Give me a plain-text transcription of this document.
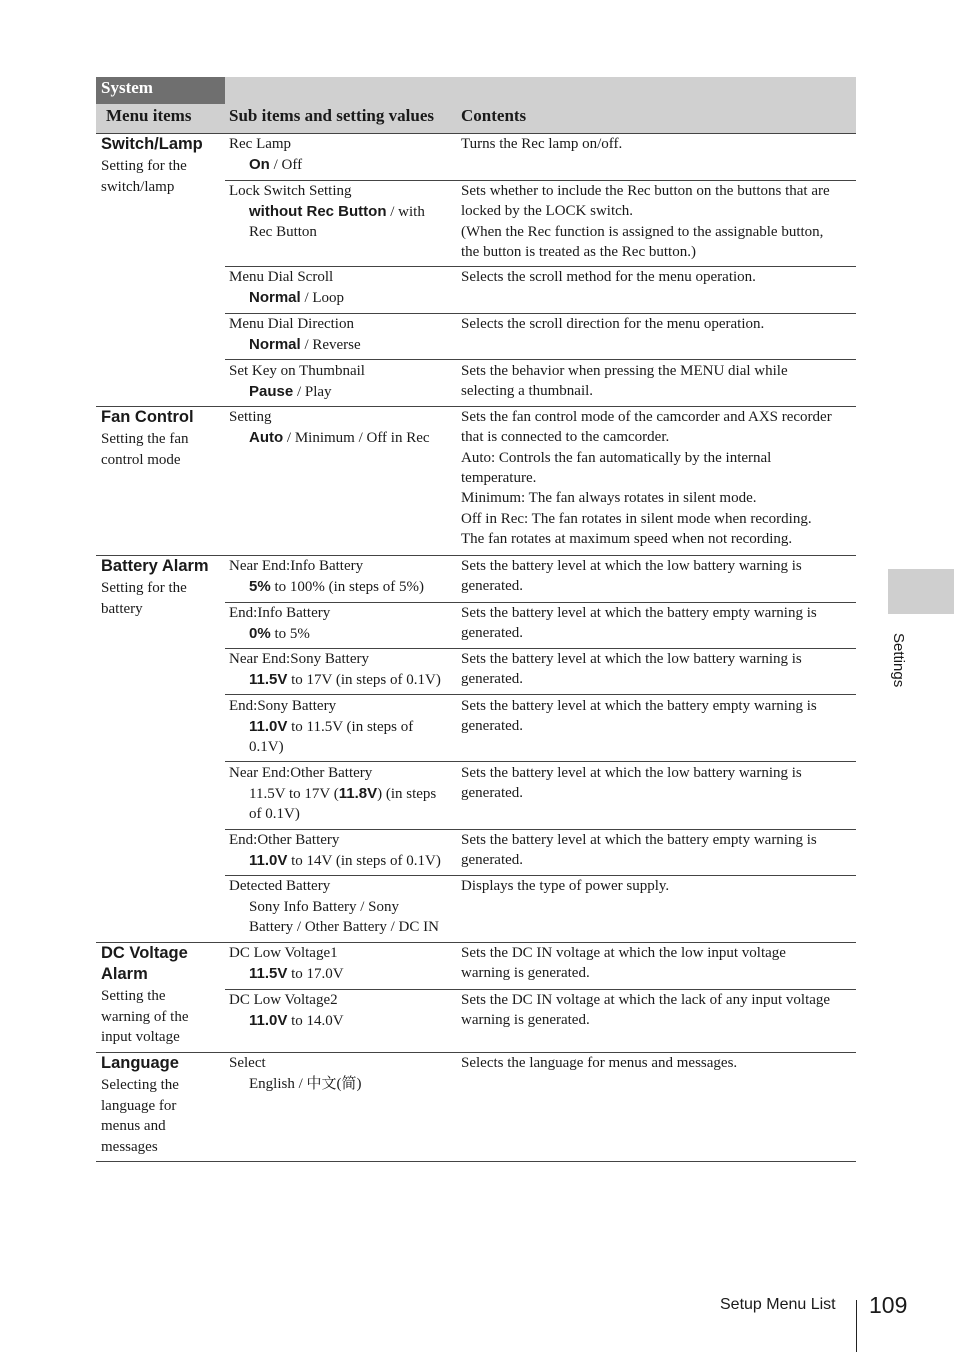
System
Menu items Sub items and setting values Contents
Switch/Lamp
Setting for the
switch/lamp
Fan Control
Setting the fan
control mode
Battery Alarm
Setting for the
battery
DC Voltage
Alarm
Setting the
warning of the
input voltage
Language
Selecting the
language for
menus and
messages
Rec Lamp
On / Off
Turns the Rec lamp on/off.
Lock Switch Setting
without Rec Button / with
Rec Button
Sets whether to include the Rec button on the buttons that are
locked by the LOCK switch.
(When the Rec function is assigned to the assignable button,
the button is treated as the Rec button.)
Menu Dial Scroll
Normal / Loop
Selects the scroll method for the menu operation.
Menu Dial Direction
Normal / Reverse
Selects the scroll direction for the menu operation.
Set Key on Thumbnail
Pause / Play
Sets the behavior when pressing the MENU dial while
selecting a thumbnail.
Setting
Auto / Minimum / Off in Rec
Sets the fan control mode of the camcorder and AXS recorder
that is connected to the camcorder.
Auto: Controls the fan automatically by the internal
temperature.
Minimum: The fan always rotates in silent mode.
Off in Rec: The fan rotates in silent mode when recording.
The fan rotates at maximum speed when not recording.
Near End:Info Battery
5% to 100% (in steps of 5%)
Sets the battery level at which the low battery warning is
generated.
End:Info Battery
0% to 5%
Sets the battery level at which the battery empty warning is
generated.
Near End:Sony Battery
11.5V to 17V (in steps of 0.1V)
Sets the battery level at which the low battery warning is
generated.
End:Sony Battery
11.0V to 11.5V (in steps of
0.1V)
Sets the battery level at which the battery empty warning is
generated.
Near End:Other Battery
11.5V to 17V (11.8V) (in steps
of 0.1V)
Sets the battery level at which the low battery warning is
generated.
End:Other Battery
11.0V to 14V (in steps of 0.1V)
Sets the battery level at which the battery empty warning is
generated.
Detected Battery
Sony Info Battery / Sony
Battery / Other Battery / DC IN
Displays the type of power supply.
DC Low Voltage1
11.5V to 17.0V
Sets the DC IN voltage at which the low input voltage
warning is generated.
DC Low Voltage2
11.0V to 14.0V
Sets the DC IN voltage at which the lack of any input voltage
warning is generated.
Select
English / 中文(简)
Selects the language for menus and messages.
Settings
Setup Menu List 109
